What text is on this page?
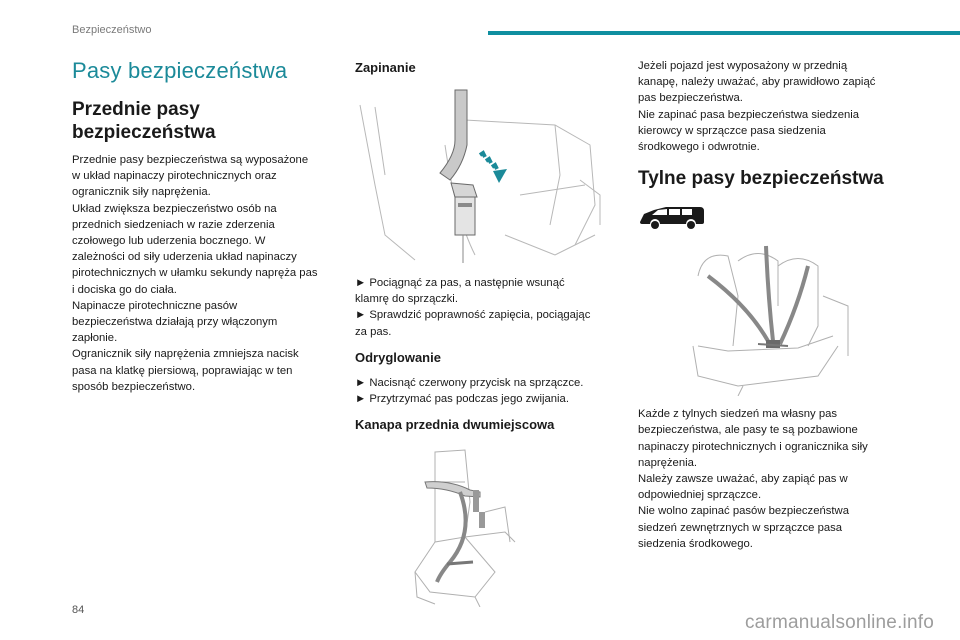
Bezpieczeństwo
Pasy bezpieczeństwa
Przednie pasy bezpieczeństwa

Przednie pasy bezpieczeństwa są wyposażone
w układ napinaczy pirotechnicznych oraz
ogranicznik siły naprężenia.

Układ zwiększa bezpieczeństwo osób na
przednich siedzeniach w razie zderzenia
czołowego lub uderzenia bocznego. W
zależności od siły uderzenia układ napinaczy
pirotechnicznych w ułamku sekundy napręża pas
i dociska go do ciała.

Napinacze pirotechniczne pasów
bezpieczeństwa działają przy włączonym
zapłonie.

Ogranicznik siły naprężenia zmniejsza nacisk
pasa na klatkę piersiową, poprawiając w ten
sposób bezpieczeństwo.

Zapinanie

► Pociągnąć za pas, a następnie wsunąć
klamrę do sprzączki.

► Sprawdzić poprawność zapięcia, pociągając
za pas.

Odryglowanie

► Nacisnąć czerwony przycisk na sprzączce.

► Przytrzymać pas podczas jego zwijania.

Kanapa przednia dwumiejscowa

Jeżeli pojazd jest wyposażony w przednią
kanapę, należy uważać, aby prawidłowo zapiąć
pas bezpieczeństwa.
Nie zapinać pasa bezpieczeństwa siedzenia
kierowcy w sprzączce pasa siedzenia
środkowego i odwrotnie.

Tylne pasy bezpieczeństwa

Każde z tylnych siedzeń ma własny pas
bezpieczeństwa, ale pasy te są pozbawione
napinaczy pirotechnicznych i ogranicznika siły
naprężenia.
Należy zawsze uważać, aby zapiąć pas w
odpowiedniej sprzączce.
Nie wolno zapinać pasów bezpieczeństwa
siedzeń zewnętrznych w sprzączce pasa
siedzenia środkowego.

84
carmanualsonline.info
